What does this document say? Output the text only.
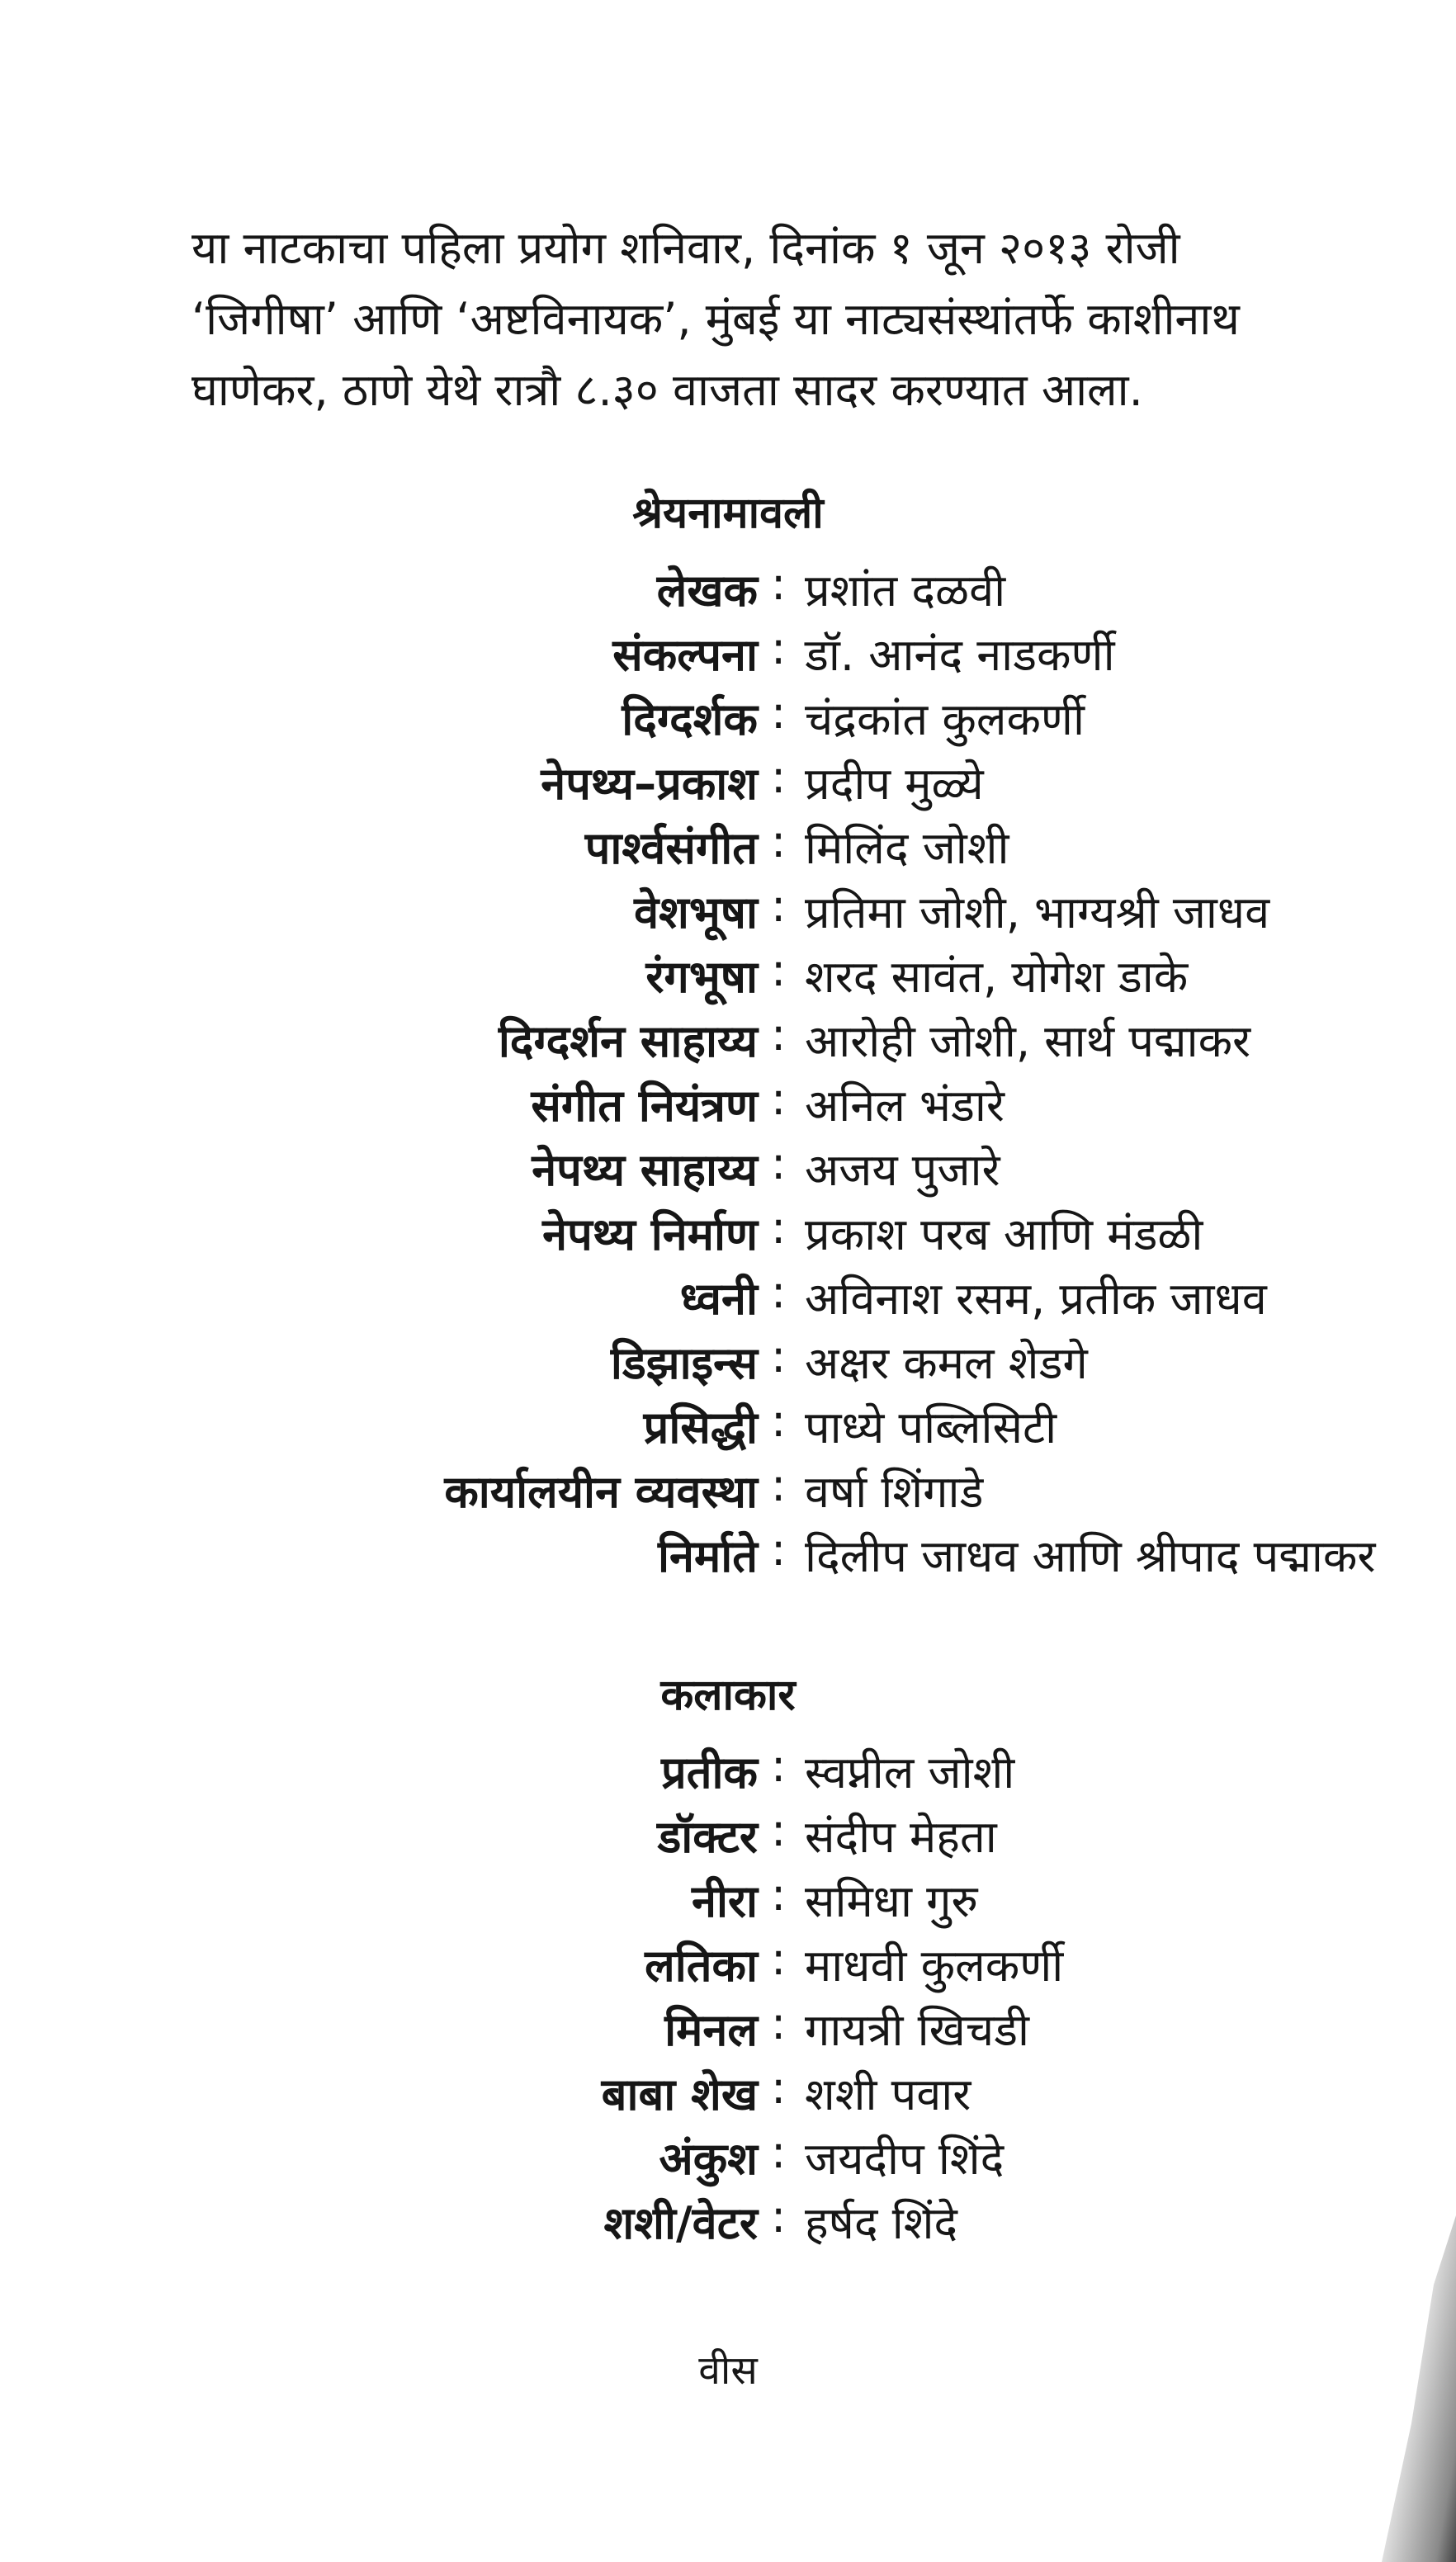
या नाटकाचा पहिला प्रयोग शनिवार, दिनांक १ जून २०१३ रोजी
‘जिगीषा’ आणि ‘अष्टविनायक’, मुंबई या नाट्यसंस्थांतर्फे काशीनाथ
घाणेकर, ठाणे येथे रात्रौ ८.३० वाजता सादर करण्यात आला.
श्रेयनामावली
लेखक : प्रशांत दळवी
संकल्पना : डॉ. आनंद नाडकर्णी
दिग्दर्शक : चंद्रकांत कुलकर्णी
नेपथ्य–प्रकाश : प्रदीप मुळ्ये
पार्श्वसंगीत : मिलिंद जोशी
वेशभूषा : प्रतिमा जोशी, भाग्यश्री जाधव
रंगभूषा : शरद सावंत, योगेश डाके
दिग्दर्शन साहाय्य : आरोही जोशी, सार्थ पद्माकर
संगीत नियंत्रण : अनिल भंडारे
नेपथ्य साहाय्य : अजय पुजारे
नेपथ्य निर्माण : प्रकाश परब आणि मंडळी
ध्वनी : अविनाश रसम, प्रतीक जाधव
डिझाइन्स : अक्षर कमल शेडगे
प्रसिद्धी : पाध्ये पब्लिसिटी
कार्यालयीन व्यवस्था : वर्षा शिंगाडे
निर्माते : दिलीप जाधव आणि श्रीपाद पद्माकर
कलाकार
प्रतीक : स्वप्नील जोशी
डॉक्टर : संदीप मेहता
नीरा : समिधा गुरु
लतिका : माधवी कुलकर्णी
मिनल : गायत्री खिचडी
बाबा शेख : शशी पवार
अंकुश : जयदीप शिंदे
शशी/वेटर : हर्षद शिंदे
वीस
